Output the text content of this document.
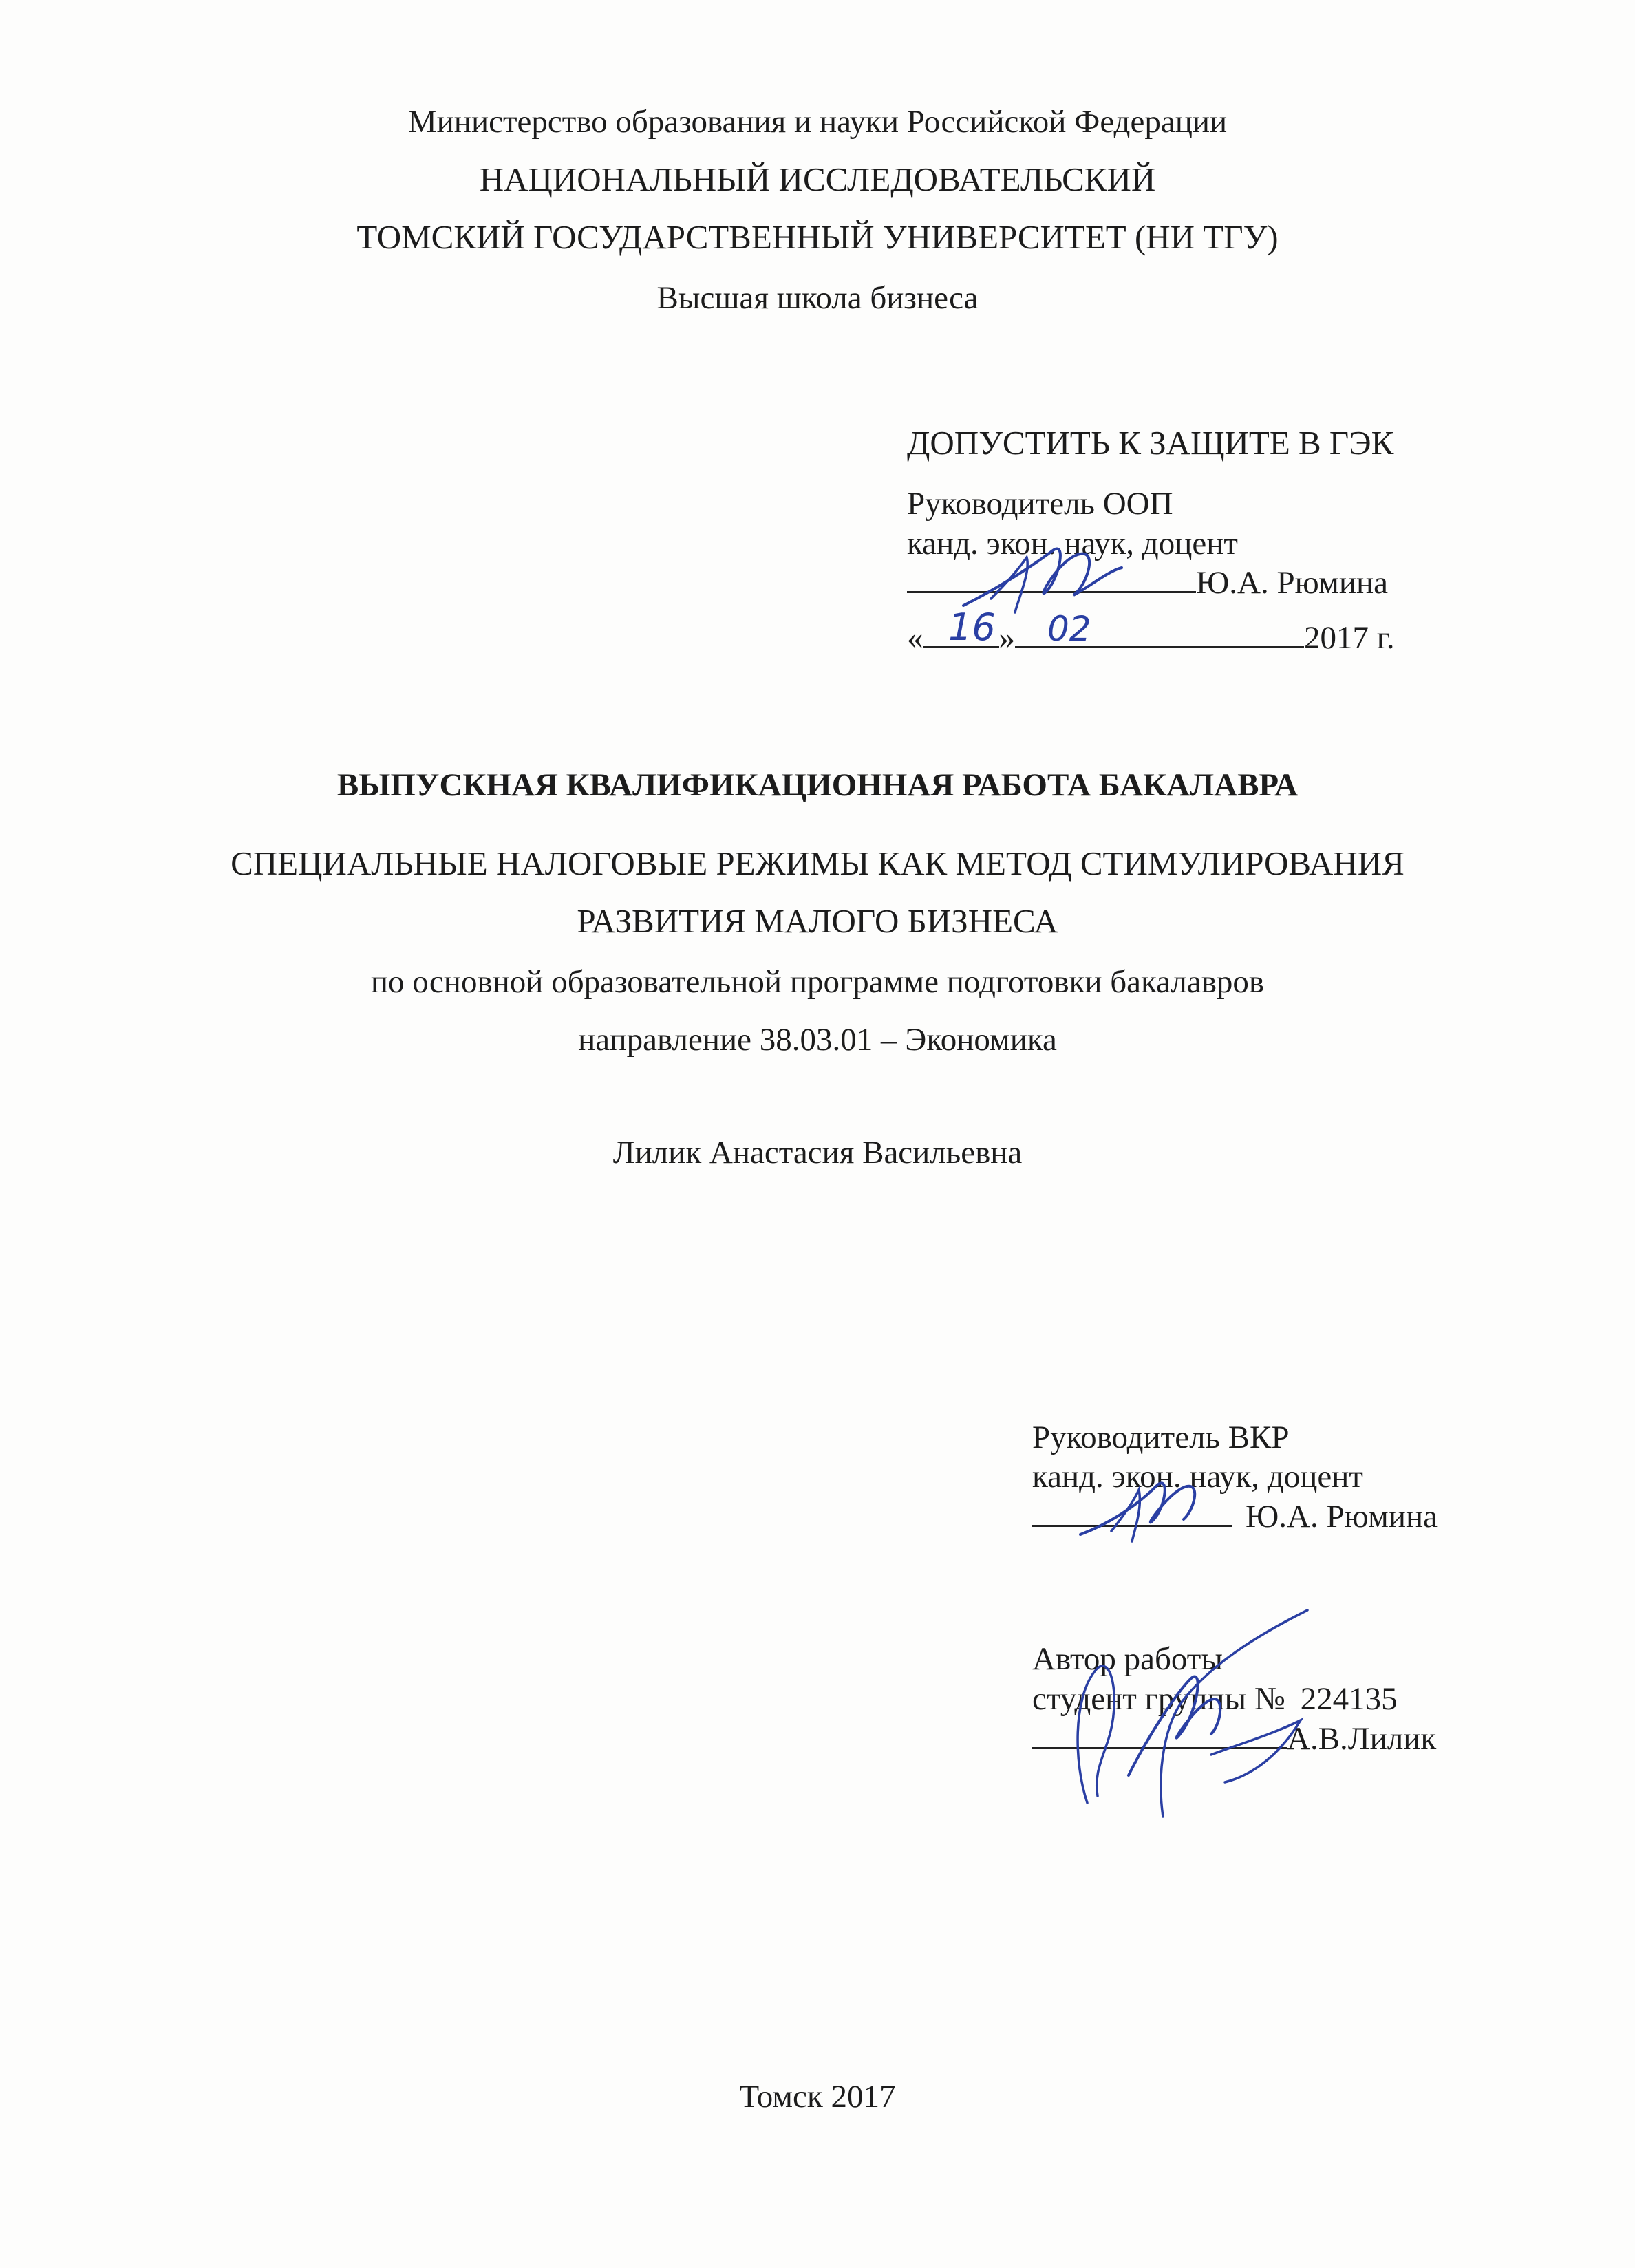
Министерство образования и науки Российской Федерации
НАЦИОНАЛЬНЫЙ ИССЛЕДОВАТЕЛЬСКИЙ
ТОМСКИЙ ГОСУДАРСТВЕННЫЙ УНИВЕРСИТЕТ (НИ ТГУ)
Высшая школа бизнеса
ДОПУСТИТЬ К ЗАЩИТЕ В ГЭК
Руководитель ООП
канд. экон. наук, доцент
Ю.А. Рюмина
« »	2017 г.
16 02
ВЫПУСКНАЯ КВАЛИФИКАЦИОННАЯ РАБОТА БАКАЛАВРА
СПЕЦИАЛЬНЫЕ НАЛОГОВЫЕ РЕЖИМЫ КАК МЕТОД СТИМУЛИРОВАНИЯ
РАЗВИТИЯ МАЛОГО БИЗНЕСА
по основной образовательной программе подготовки бакалавров
направление 38.03.01 – Экономика
Лилик Анастасия Васильевна
Руководитель ВКР
канд. экон. наук, доцент
Ю.А. Рюмина
Автор работы
студент группы № 224135
А.В.Лилик
Томск 2017
